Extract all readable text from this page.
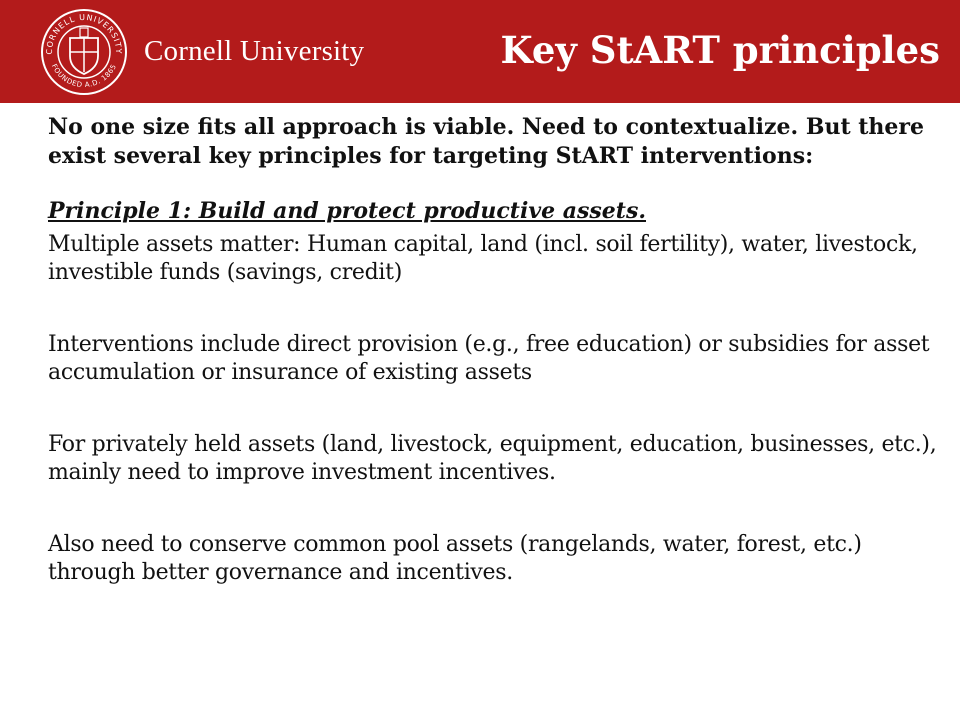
CORNELL UNIVERSITY
FOUNDED A.D. 1865 Cornell University	Key StART principles

No one size fits all approach is viable. Need to contextualize. But there exist several key principles for targeting StART interventions:

Principle 1: Build and protect productive assets.

Multiple assets matter: Human capital, land (incl. soil fertility), water, livestock, investible funds (savings, credit)

Interventions include direct provision (e.g., free education) or subsidies for asset accumulation or insurance of existing assets

For privately held assets (land, livestock, equipment, education, businesses, etc.), mainly need to improve investment incentives.

Also need to conserve common pool assets (rangelands, water, forest, etc.) through better governance and incentives.
